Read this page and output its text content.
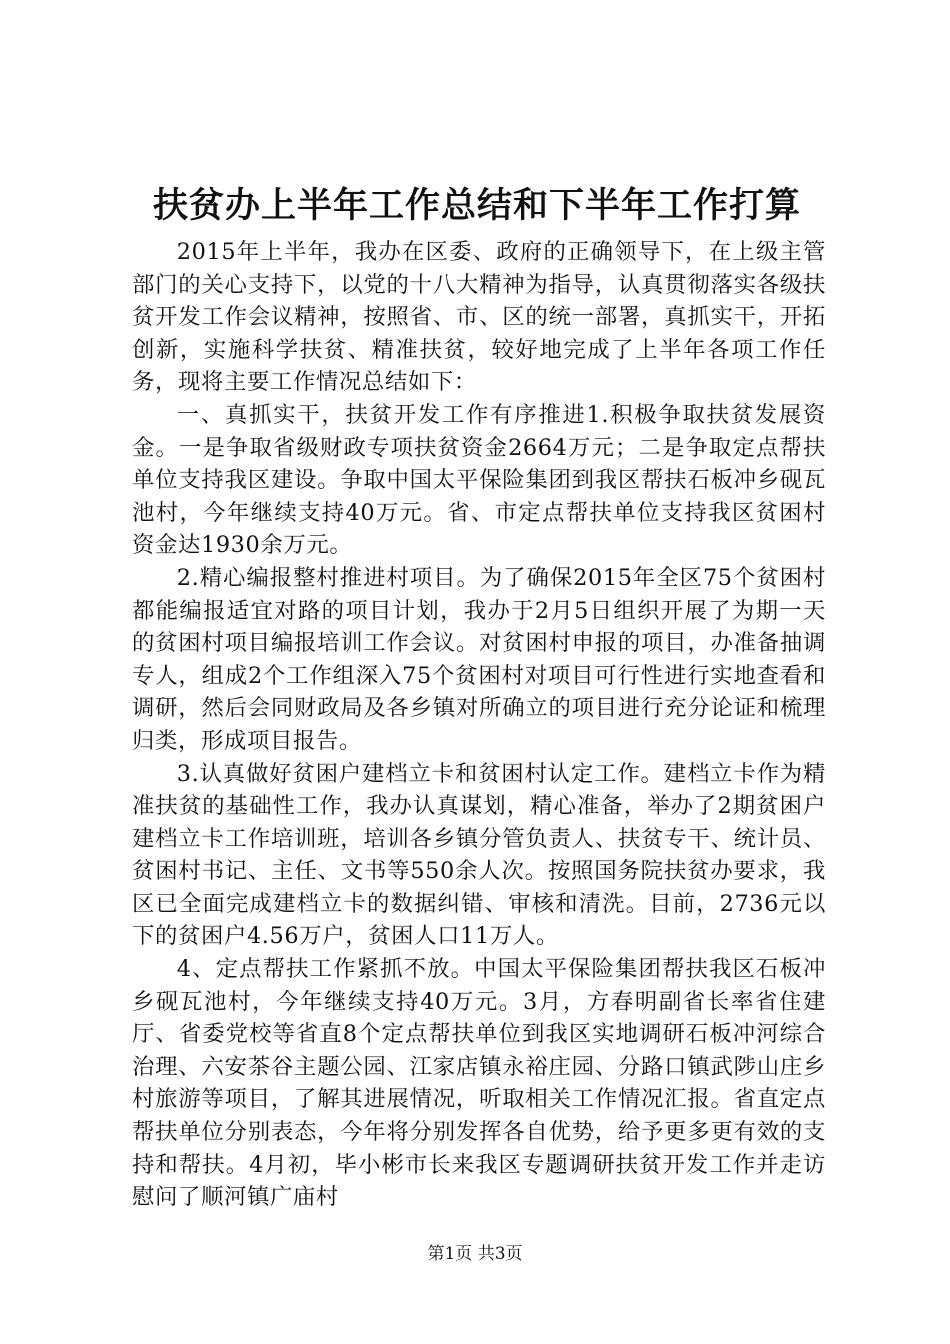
扶贫办上半年工作总结和下半年工作打算

2015年上半年，我办在区委、政府的正确领导下，在上级主管部门的关心支持下，以党的十八大精神为指导，认真贯彻落实各级扶贫开发工作会议精神，按照省、市、区的统一部署，真抓实干，开拓创新，实施科学扶贫、精准扶贫，较好地完成了上半年各项工作任务，现将主要工作情况总结如下：

一、真抓实干，扶贫开发工作有序推进1.积极争取扶贫发展资金。一是争取省级财政专项扶贫资金2664万元；二是争取定点帮扶单位支持我区建设。争取中国太平保险集团到我区帮扶石板冲乡砚瓦池村，今年继续支持40万元。省、市定点帮扶单位支持我区贫困村资金达1930余万元。

2.精心编报整村推进村项目。为了确保2015年全区75个贫困村都能编报适宜对路的项目计划，我办于2月5日组织开展了为期一天的贫困村项目编报培训工作会议。对贫困村申报的项目，办准备抽调专人，组成2个工作组深入75个贫困村对项目可行性进行实地查看和调研，然后会同财政局及各乡镇对所确立的项目进行充分论证和梳理归类，形成项目报告。

3.认真做好贫困户建档立卡和贫困村认定工作。建档立卡作为精准扶贫的基础性工作，我办认真谋划，精心准备，举办了2期贫困户建档立卡工作培训班，培训各乡镇分管负责人、扶贫专干、统计员、贫困村书记、主任、文书等550余人次。按照国务院扶贫办要求，我区已全面完成建档立卡的数据纠错、审核和清洗。目前，2736元以下的贫困户4.56万户，贫困人口11万人。

4、定点帮扶工作紧抓不放。中国太平保险集团帮扶我区石板冲乡砚瓦池村，今年继续支持40万元。3月，方春明副省长率省住建厅、省委党校等省直8个定点帮扶单位到我区实地调研石板冲河综合治理、六安茶谷主题公园、江家店镇永裕庄园、分路口镇武陟山庄乡村旅游等项目，了解其进展情况，听取相关工作情况汇报。省直定点帮扶单位分别表态，今年将分别发挥各自优势，给予更多更有效的支持和帮扶。4月初，毕小彬市长来我区专题调研扶贫开发工作并走访慰问了顺河镇广庙村

第1页 共3页
